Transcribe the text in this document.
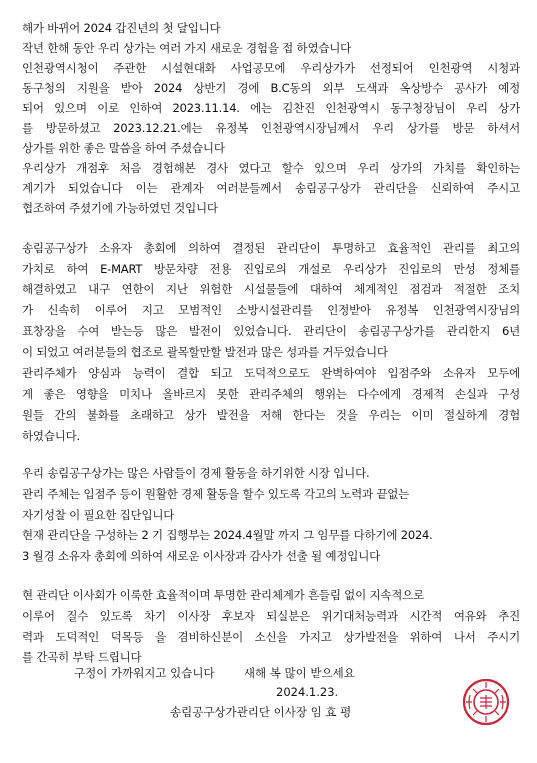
해가 바뀌어 2024 갑진년의 첫 달입니다
작년 한해 동안 우리 상가는 여러 가지 새로운 경험을 접 하였습니다
인천광역시청이 주관한 시설현대화 사업공모에 우리상가가 선정되어 인천광역 시청과
동구청의 지원을 받아 2024 상반기 경에 B.C동의 외부 도색과 옥상방수 공사가 예정
되어 있으며 이로 인하여 2023.11.14. 에는 김찬진 인천광역시 동구청장님이 우리 상가
를 방문하셨고 2023.12.21.에는 유정복 인천광역시장님께서 우리 상가를 방문 하셔서
상가를 위한 좋은 말씀을 하여 주셨습니다
우리상가 개점후 처음 경험해본 경사 였다고 할수 있으며 우리 상가의 가치를 확인하는
계기가 되었습니다 이는 관계자 여러분들께서 송림공구상가 관리단을 신뢰하여 주시고
협조하여 주셨기에 가능하였던 것입니다
송림공구상가 소유자 총회에 의하여 결정된 관리단이 투명하고 효율적인 관리를 최고의
가치로 하여 E-MART 방문차량 전용 진입로의 개설로 우리상가 진입로의 만성 정체를
해결하였고 내구 연한이 지난 위험한 시설물들에 대하여 체계적인 점검과 적절한 조치
가 신속히 이루어 지고 모범적인 소방시설관리를 인정받아 유정복 인천광역시장님의
표창장을 수여 받는등 많은 발전이 있었습니다. 관리단이 송림공구상가를 관리한지 6년
이 되었고 여러분들의 협조로 괄목할만할 발전과 많은 성과를 거두었습니다
관리주체가 양심과 능력이 결합 되고 도덕적으로도 완벽하여야 입점주와 소유자 모두에
게 좋은 영향을 미치나 올바르지 못한 관리주체의 행위는 다수에게 경제적 손실과 구성
원들 간의 불화를 초래하고 상가 발전을 저해 한다는 것을 우리는 이미 절실하게 경험
하였습니다.
우리 송림공구상가는 많은 사람들이 경제 활동을 하기위한 시장 입니다.
관리 주체는 입점주 등이 원활한 경제 활동을 할수 있도록 각고의 노력과 끝없는
자기성찰 이 필요한 집단입니다
현재 관리단을 구성하는 2 기 집행부는 2024.4월말 까지 그 임무를 다하기에 2024.
3 월경 소유자 총회에 의하여 새로운 이사장과 감사가 선출 될 예정입니다
현 관리단 이사회가 이룩한 효율적이며 투명한 관리체계가 흔들림 없이 지속적으로
이루어 질수 있도록 차기 이사장 후보자 되실분은 위기대처능력과 시간적 여유와 추진
력과 도덕적인 덕목등 을 겸비하신분이 소신을 가지고 상가발전을 위하여 나서 주시기
를 간곡히 부탁 드립니다
구정이 가까워지고 있습니다        새해 복 많이 받으세요
2024.1.23.
송림공구상가관리단 이사장 임 효 평
